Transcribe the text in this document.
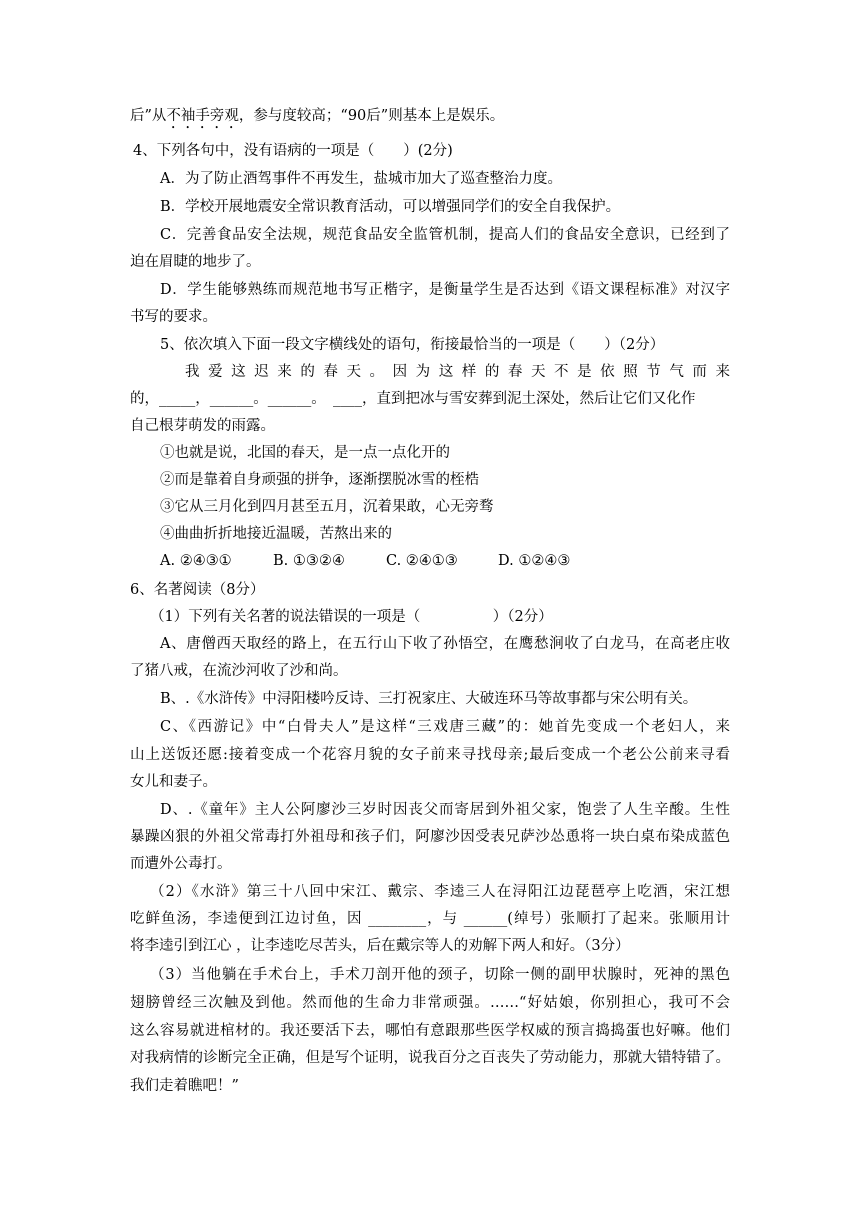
后”从不袖手旁观，参与度较高；“90后”则基本上是娱乐。
4、下列各句中，没有语病的一项是（　　）(2分)
A．为了防止酒驾事件不再发生，盐城市加大了巡查整治力度。
B．学校开展地震安全常识教育活动，可以增强同学们的安全自我保护。
C．完善食品安全法规，规范食品安全监管机制，提高人们的食品安全意识，已经到了
迫在眉睫的地步了。
D．学生能够熟练而规范地书写正楷字，是衡量学生是否达到《语文课程标准》对汉字
书写的要求。
5、依次填入下面一段文字横线处的语句，衔接最恰当的一项是（　　）（2分）
我爱这迟来的春天。因为这样的春天不是依照节气而来
的，_____，______。______。　____，直到把冰与雪安葬到泥土深处，然后让它们又化作
自己根芽萌发的雨露。
①也就是说，北国的春天，是一点一点化开的
②而是靠着自身顽强的拼争，逐渐摆脱冰雪的桎梏
③它从三月化到四月甚至五月，沉着果敢，心无旁骛
④曲曲折折地接近温暖，苦熬出来的
A. ②④③①	B. ①③②④	C. ②④①③	D. ①②④③
6、名著阅读（8分）
（1）下列有关名著的说法错误的一项是（　　　　　）（2分）
A、唐僧西天取经的路上，在五行山下收了孙悟空，在鹰愁涧收了白龙马，在高老庄收
了猪八戒，在流沙河收了沙和尚。
B、.《水浒传》中浔阳楼吟反诗、三打祝家庄、大破连环马等故事都与宋公明有关。
C、《西游记》中“白骨夫人”是这样“三戏唐三藏”的：她首先变成一个老妇人，来
山上送饭还愿:接着变成一个花容月貌的女子前来寻找母亲;最后变成一个老公公前来寻看
女儿和妻子。
D、.《童年》主人公阿廖沙三岁时因丧父而寄居到外祖父家，饱尝了人生辛酸。生性
暴躁凶狠的外祖父常毒打外祖母和孩子们，阿廖沙因受表兄萨沙怂恿将一块白桌布染成蓝色
而遭外公毒打。
（2）《水浒》第三十八回中宋江、戴宗、李逵三人在浔阳江边琵琶亭上吃酒，宋江想
吃鲜鱼汤，李逵便到江边讨鱼，因 ________，与 ______(绰号）张顺打了起来。张顺用计
将李逵引到江心 ，让李逵吃尽苦头，后在戴宗等人的劝解下两人和好。（3分）
（3）当他躺在手术台上，手术刀剖开他的颈子，切除一侧的副甲状腺时，死神的黑色
翅膀曾经三次触及到他。然而他的生命力非常顽强。……“好姑娘，你别担心，我可不会
这么容易就进棺材的。我还要活下去，哪怕有意跟那些医学权威的预言捣捣蛋也好嘛。他们
对我病情的诊断完全正确，但是写个证明，说我百分之百丧失了劳动能力，那就大错特错了。
我们走着瞧吧！”
